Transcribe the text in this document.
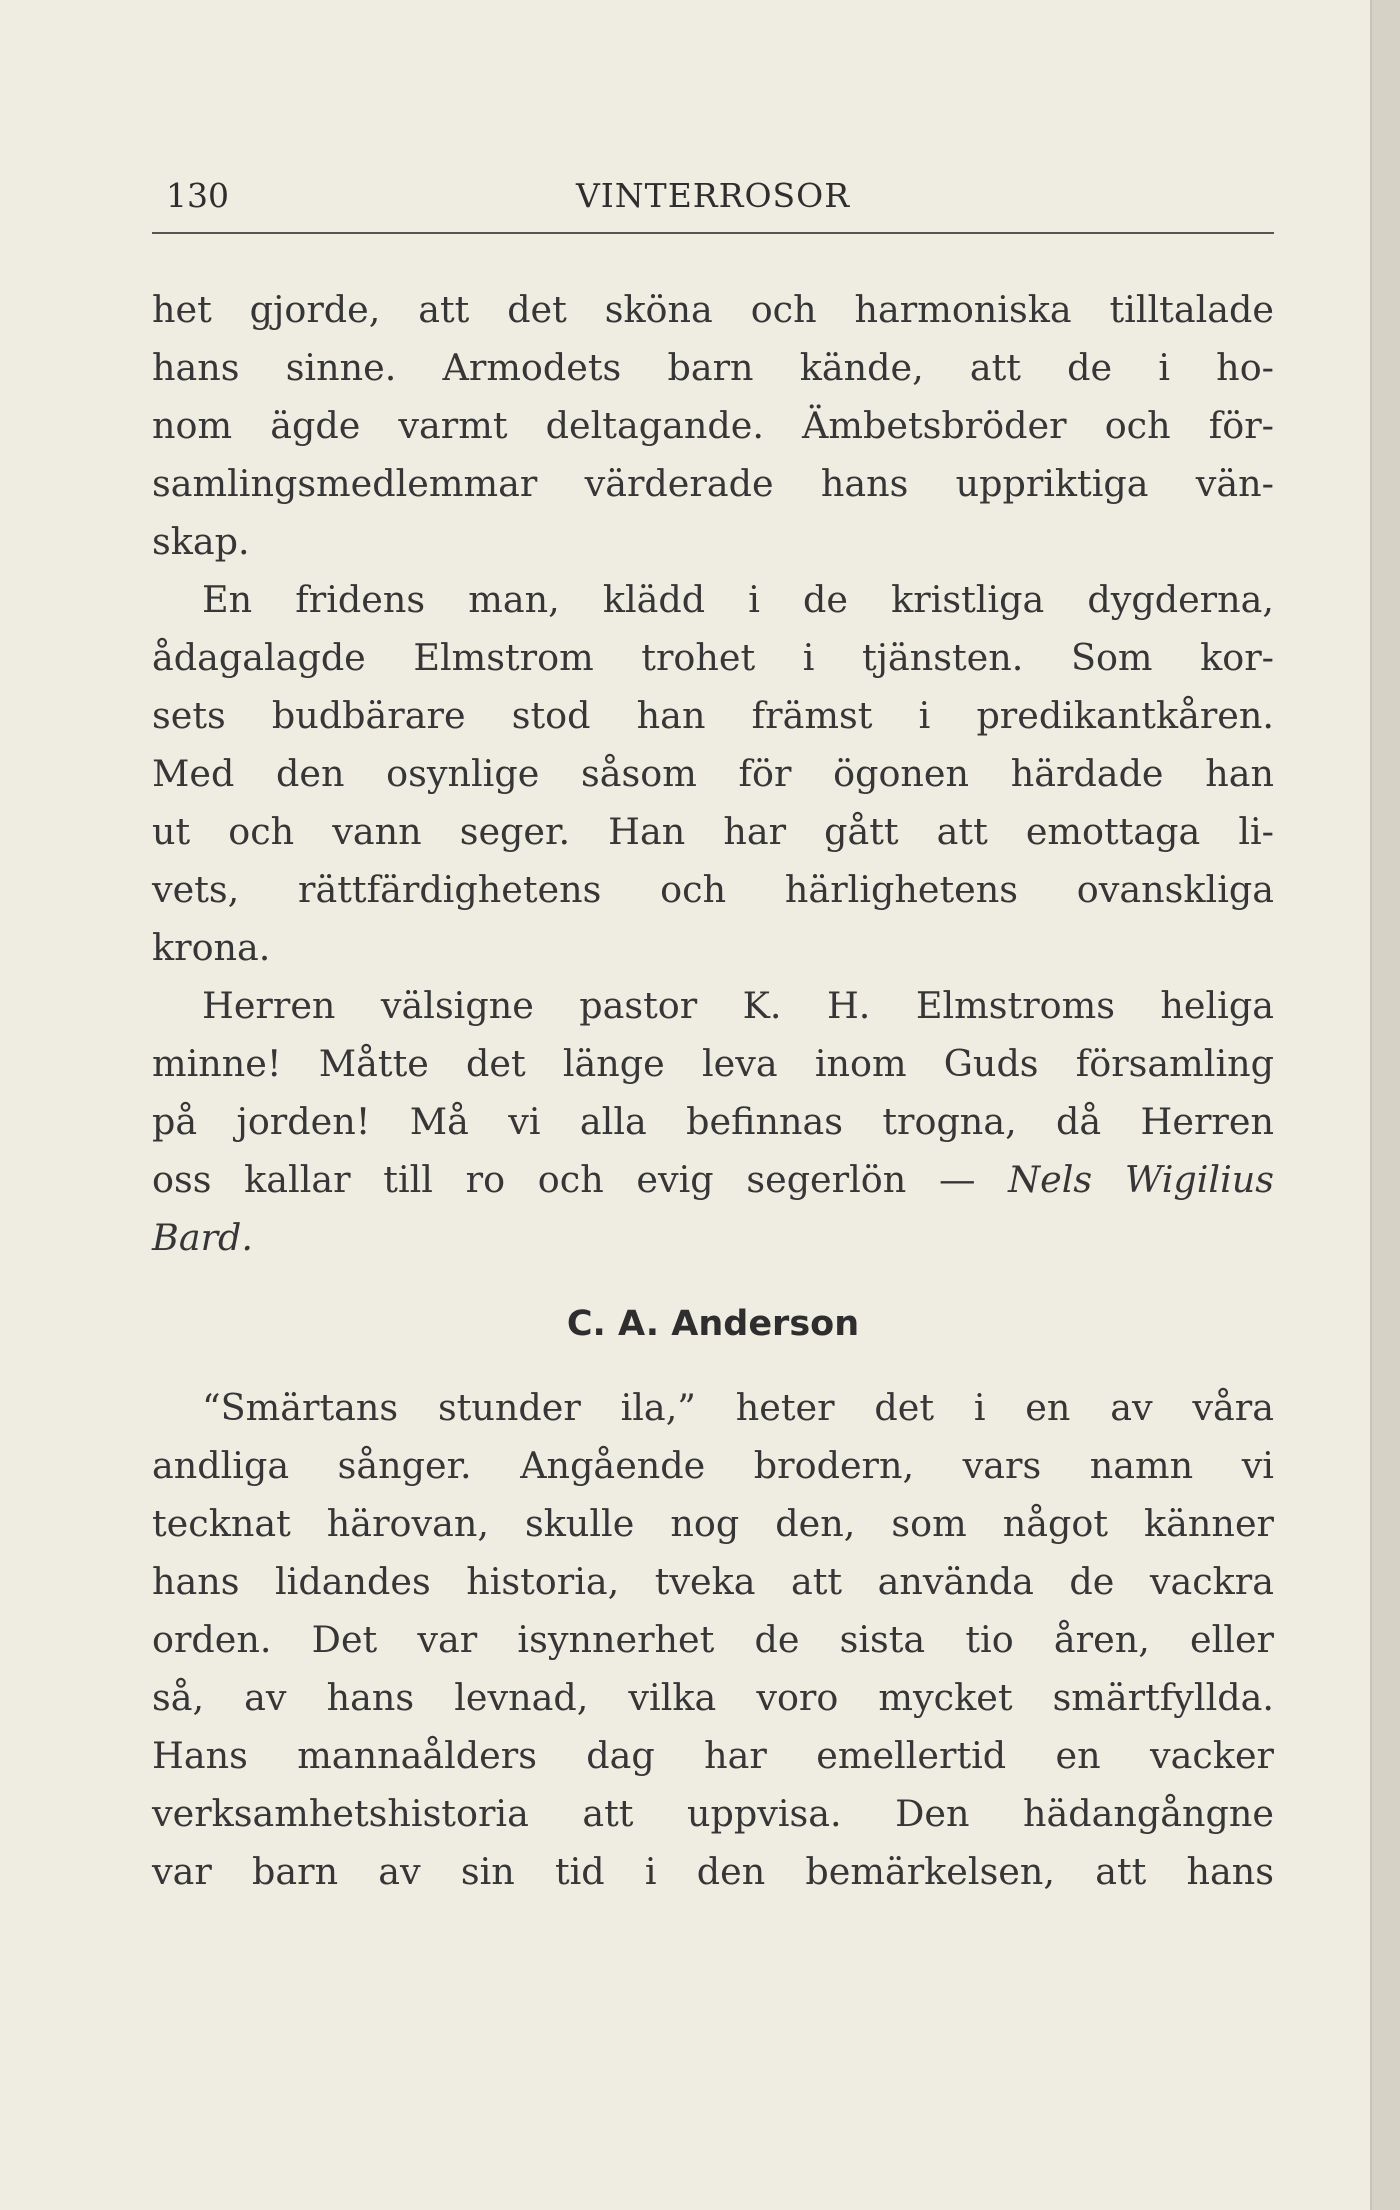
130	VINTERROSOR
het gjorde, att det sköna och harmoniska tilltalade
hans sinne. Armodets barn kände, att de i ho-
nom ägde varmt deltagande. Ämbetsbröder och för-
samlingsmedlemmar värderade hans uppriktiga vän-
skap.
En fridens man, klädd i de kristliga dygderna,
ådagalagde Elmstrom trohet i tjänsten. Som kor-
sets budbärare stod han främst i predikantkåren.
Med den osynlige såsom för ögonen härdade han
ut och vann seger. Han har gått att emottaga li-
vets, rättfärdighetens och härlighetens ovanskliga
krona.
Herren välsigne pastor K. H. Elmstroms heliga
minne! Måtte det länge leva inom Guds församling
på jorden! Må vi alla befinnas trogna, då Herren
oss kallar till ro och evig segerlön — Nels Wigilius
Bard.
C. A. Anderson
“Smärtans stunder ila,” heter det i en av våra
andliga sånger. Angående brodern, vars namn vi
tecknat härovan, skulle nog den, som något känner
hans lidandes historia, tveka att använda de vackra
orden. Det var isynnerhet de sista tio åren, eller
så, av hans levnad, vilka voro mycket smärtfyllda.
Hans mannaålders dag har emellertid en vacker
verksamhetshistoria att uppvisa. Den hädangångne
var barn av sin tid i den bemärkelsen, att hans
